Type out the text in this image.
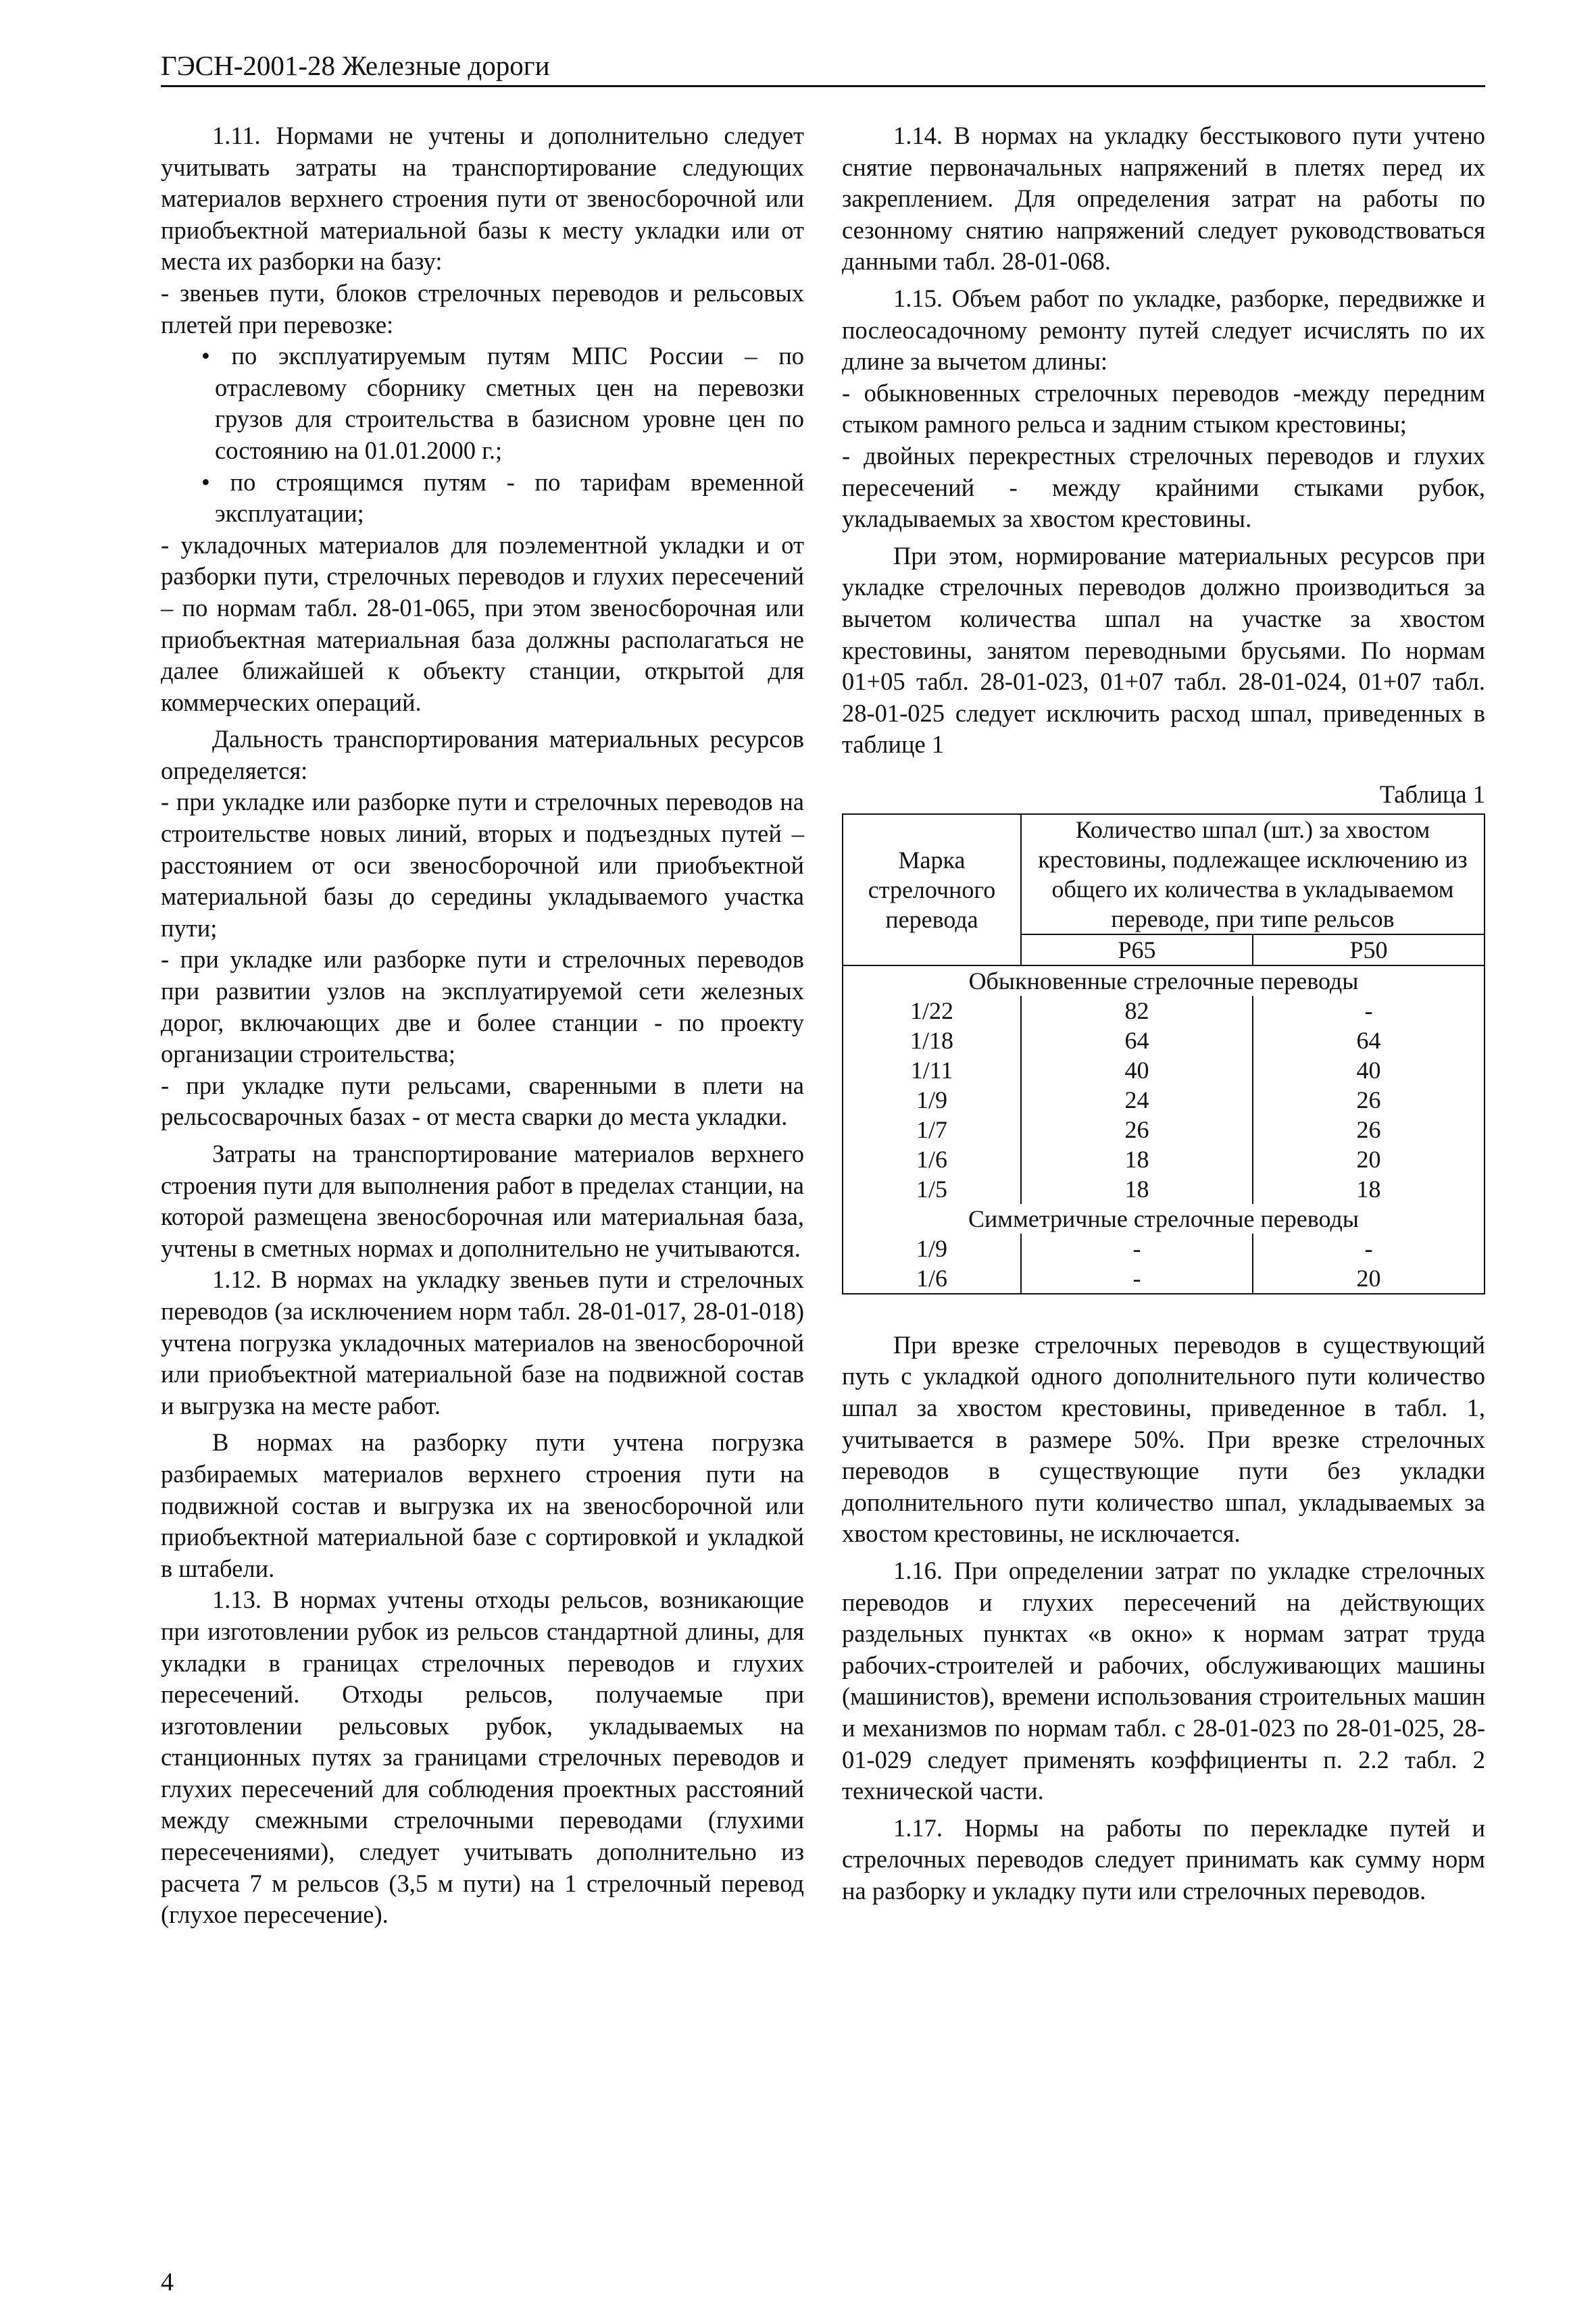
ГЭСН-2001-28 Железные дороги

1.11. Нормами не учтены и дополнительно следует учитывать затраты на транспортирование следующих материалов верхнего строения пути от звеносборочной или приобъектной материальной базы к месту укладки или от места их разборки на базу:

- звеньев пути, блоков стрелочных переводов и рельсовых плетей при перевозке:

• по эксплуатируемым путям МПС России – по отраслевому сборнику сметных цен на перевозки грузов для строительства в базисном уровне цен по состоянию на 01.01.2000 г.;

• по строящимся путям - по тарифам временной эксплуатации;

- укладочных материалов для поэлементной укладки и от разборки пути, стрелочных переводов и глухих пересечений – по нормам табл. 28-01-065, при этом звеносборочная или приобъектная материальная база должны располагаться не далее ближайшей к объекту станции, открытой для коммерческих операций.

Дальность транспортирования материальных ресурсов определяется:

- при укладке или разборке пути и стрелочных переводов на строительстве новых линий, вторых и подъездных путей – расстоянием от оси звеносборочной или приобъектной материальной базы до середины укладываемого участка пути;

- при укладке или разборке пути и стрелочных переводов при развитии узлов на эксплуатируемой сети железных дорог, включающих две и более станции - по проекту организации строительства;

- при укладке пути рельсами, сваренными в плети на рельсосварочных базах - от места сварки до места укладки.

Затраты на транспортирование материалов верхнего строения пути для выполнения работ в пределах станции, на которой размещена звеносборочная или материальная база, учтены в сметных нормах и дополнительно не учитываются.

1.12. В нормах на укладку звеньев пути и стрелочных переводов (за исключением норм табл. 28-01-017, 28-01-018) учтена погрузка укладочных материалов на звеносборочной или приобъектной материальной базе на подвижной состав и выгрузка на месте работ.

В нормах на разборку пути учтена погрузка разбираемых материалов верхнего строения пути на подвижной состав и выгрузка их на звеносборочной или приобъектной материальной базе с сортировкой и укладкой в штабели.

1.13. В нормах учтены отходы рельсов, возникающие при изготовлении рубок из рельсов стандартной длины, для укладки в границах стрелочных переводов и глухих пересечений. Отходы рельсов, получаемые при изготовлении рельсовых рубок, укладываемых на станционных путях за границами стрелочных переводов и глухих пересечений для соблюдения проектных расстояний между смежными стрелочными переводами (глухими пересечениями), следует учитывать дополнительно из расчета 7 м рельсов (3,5 м пути) на 1 стрелочный перевод (глухое пересечение).

1.14. В нормах на укладку бесстыкового пути учтено снятие первоначальных напряжений в плетях перед их закреплением. Для определения затрат на работы по сезонному снятию напряжений следует руководствоваться данными табл. 28-01-068.

1.15. Объем работ по укладке, разборке, передвижке и послеосадочному ремонту путей следует исчислять по их длине за вычетом длины:

- обыкновенных стрелочных переводов -между передним стыком рамного рельса и задним стыком крестовины;

- двойных перекрестных стрелочных переводов и глухих пересечений - между крайними стыками рубок, укладываемых за хвостом крестовины.

При этом, нормирование материальных ресурсов при укладке стрелочных переводов должно производиться за вычетом количества шпал на участке за хвостом крестовины, занятом переводными брусьями. По нормам 01+05 табл. 28-01-023, 01+07 табл. 28-01-024, 01+07 табл. 28-01-025 следует исключить расход шпал, приведенных в таблице 1

Таблица 1
Марка стрелочного перевода	Количество шпал (шт.) за хвостом крестовины, подлежащее исключению из общего их количества в укладываемом переводе, при типе рельсов	
	Р65	Р50
Обыкновенные стрелочные переводы		
1/22	82	-
1/18	64	64
1/11	40	40
1/9	24	26
1/7	26	26
1/6	18	20
1/5	18	18
Симметричные стрелочные переводы		
1/9	-	-
1/6	-	20

При врезке стрелочных переводов в существующий путь с укладкой одного дополнительного пути количество шпал за хвостом крестовины, приведенное в табл. 1, учитывается в размере 50%. При врезке стрелочных переводов в существующие пути без укладки дополнительного пути количество шпал, укладываемых за хвостом крестовины, не исключается.

1.16. При определении затрат по укладке стрелочных переводов и глухих пересечений на действующих раздельных пунктах «в окно» к нормам затрат труда рабочих-строителей и рабочих, обслуживающих машины (машинистов), времени использования строительных машин и механизмов по нормам табл. с 28-01-023 по 28-01-025, 28-01-029 следует применять коэффициенты п. 2.2 табл. 2 технической части.

1.17. Нормы на работы по перекладке путей и стрелочных переводов следует принимать как сумму норм на разборку и укладку пути или стрелочных переводов.

4
